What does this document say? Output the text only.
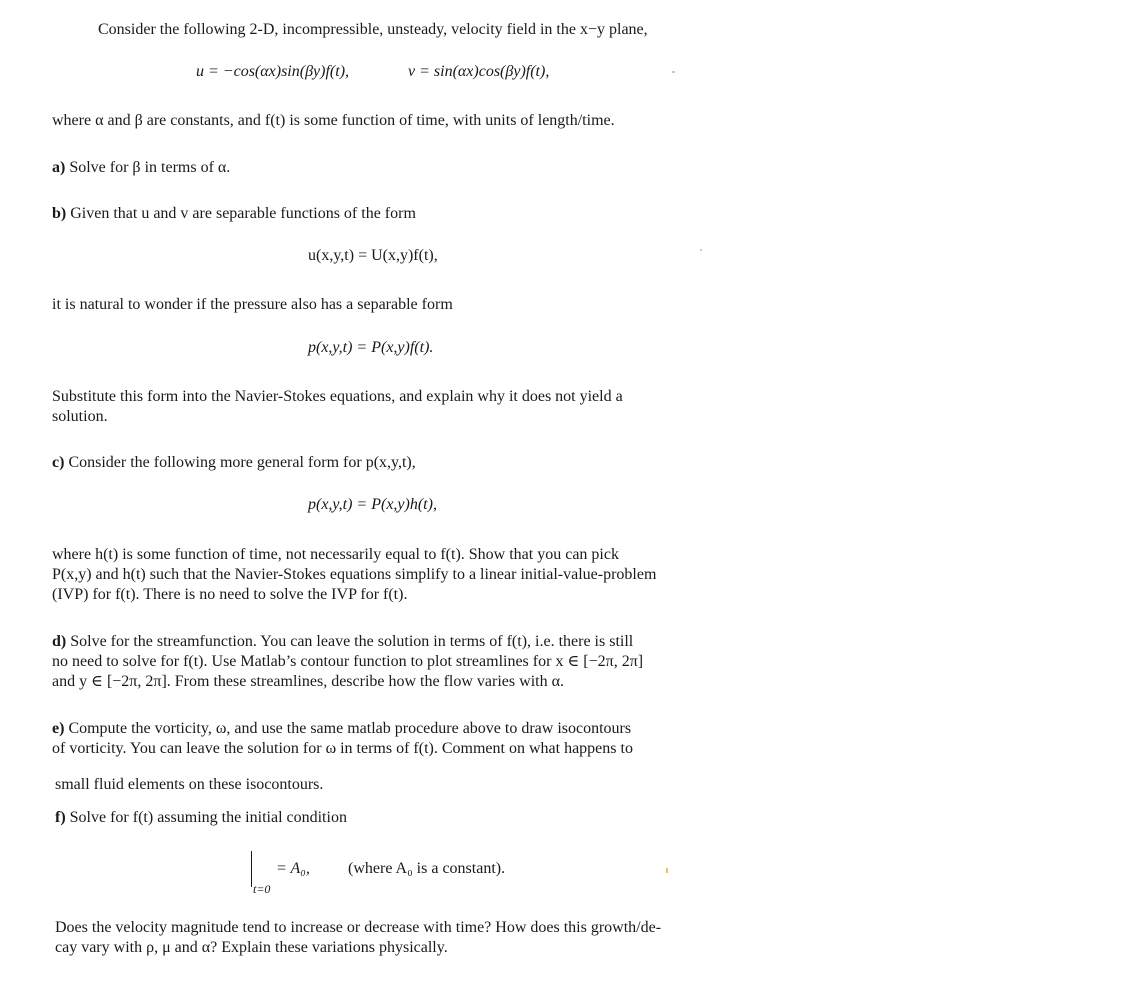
Consider the following 2-D, incompressible, unsteady, velocity field in the x−y plane,
u = −cos(αx)sin(βy)f(t),	v = sin(αx)cos(βy)f(t),
where α and β are constants, and f(t) is some function of time, with units of length/time.
a) Solve for β in terms of α.
b) Given that u and v are separable functions of the form
u(x,y,t) = U(x,y)f(t),
it is natural to wonder if the pressure also has a separable form
p(x,y,t) = P(x,y)f(t).
Substitute this form into the Navier-Stokes equations, and explain why it does not yield a
solution.
c) Consider the following more general form for p(x,y,t),
p(x,y,t) = P(x,y)h(t),
where h(t) is some function of time, not necessarily equal to f(t). Show that you can pick
P(x,y) and h(t) such that the Navier-Stokes equations simplify to a linear initial-value-problem
(IVP) for f(t). There is no need to solve the IVP for f(t).
d) Solve for the streamfunction. You can leave the solution in terms of f(t), i.e. there is still
no need to solve for f(t). Use Matlab’s contour function to plot streamlines for x ∈ [−2π, 2π]
and y ∈ [−2π, 2π]. From these streamlines, describe how the flow varies with α.
e) Compute the vorticity, ω, and use the same matlab procedure above to draw isocontours
of vorticity. You can leave the solution for ω in terms of f(t). Comment on what happens to
small fluid elements on these isocontours.
f) Solve for f(t) assuming the initial condition
t=0
= A₀, (where A₀ is a constant).
Does the velocity magnitude tend to increase or decrease with time? How does this growth/de-
cay vary with ρ, μ and α? Explain these variations physically.
